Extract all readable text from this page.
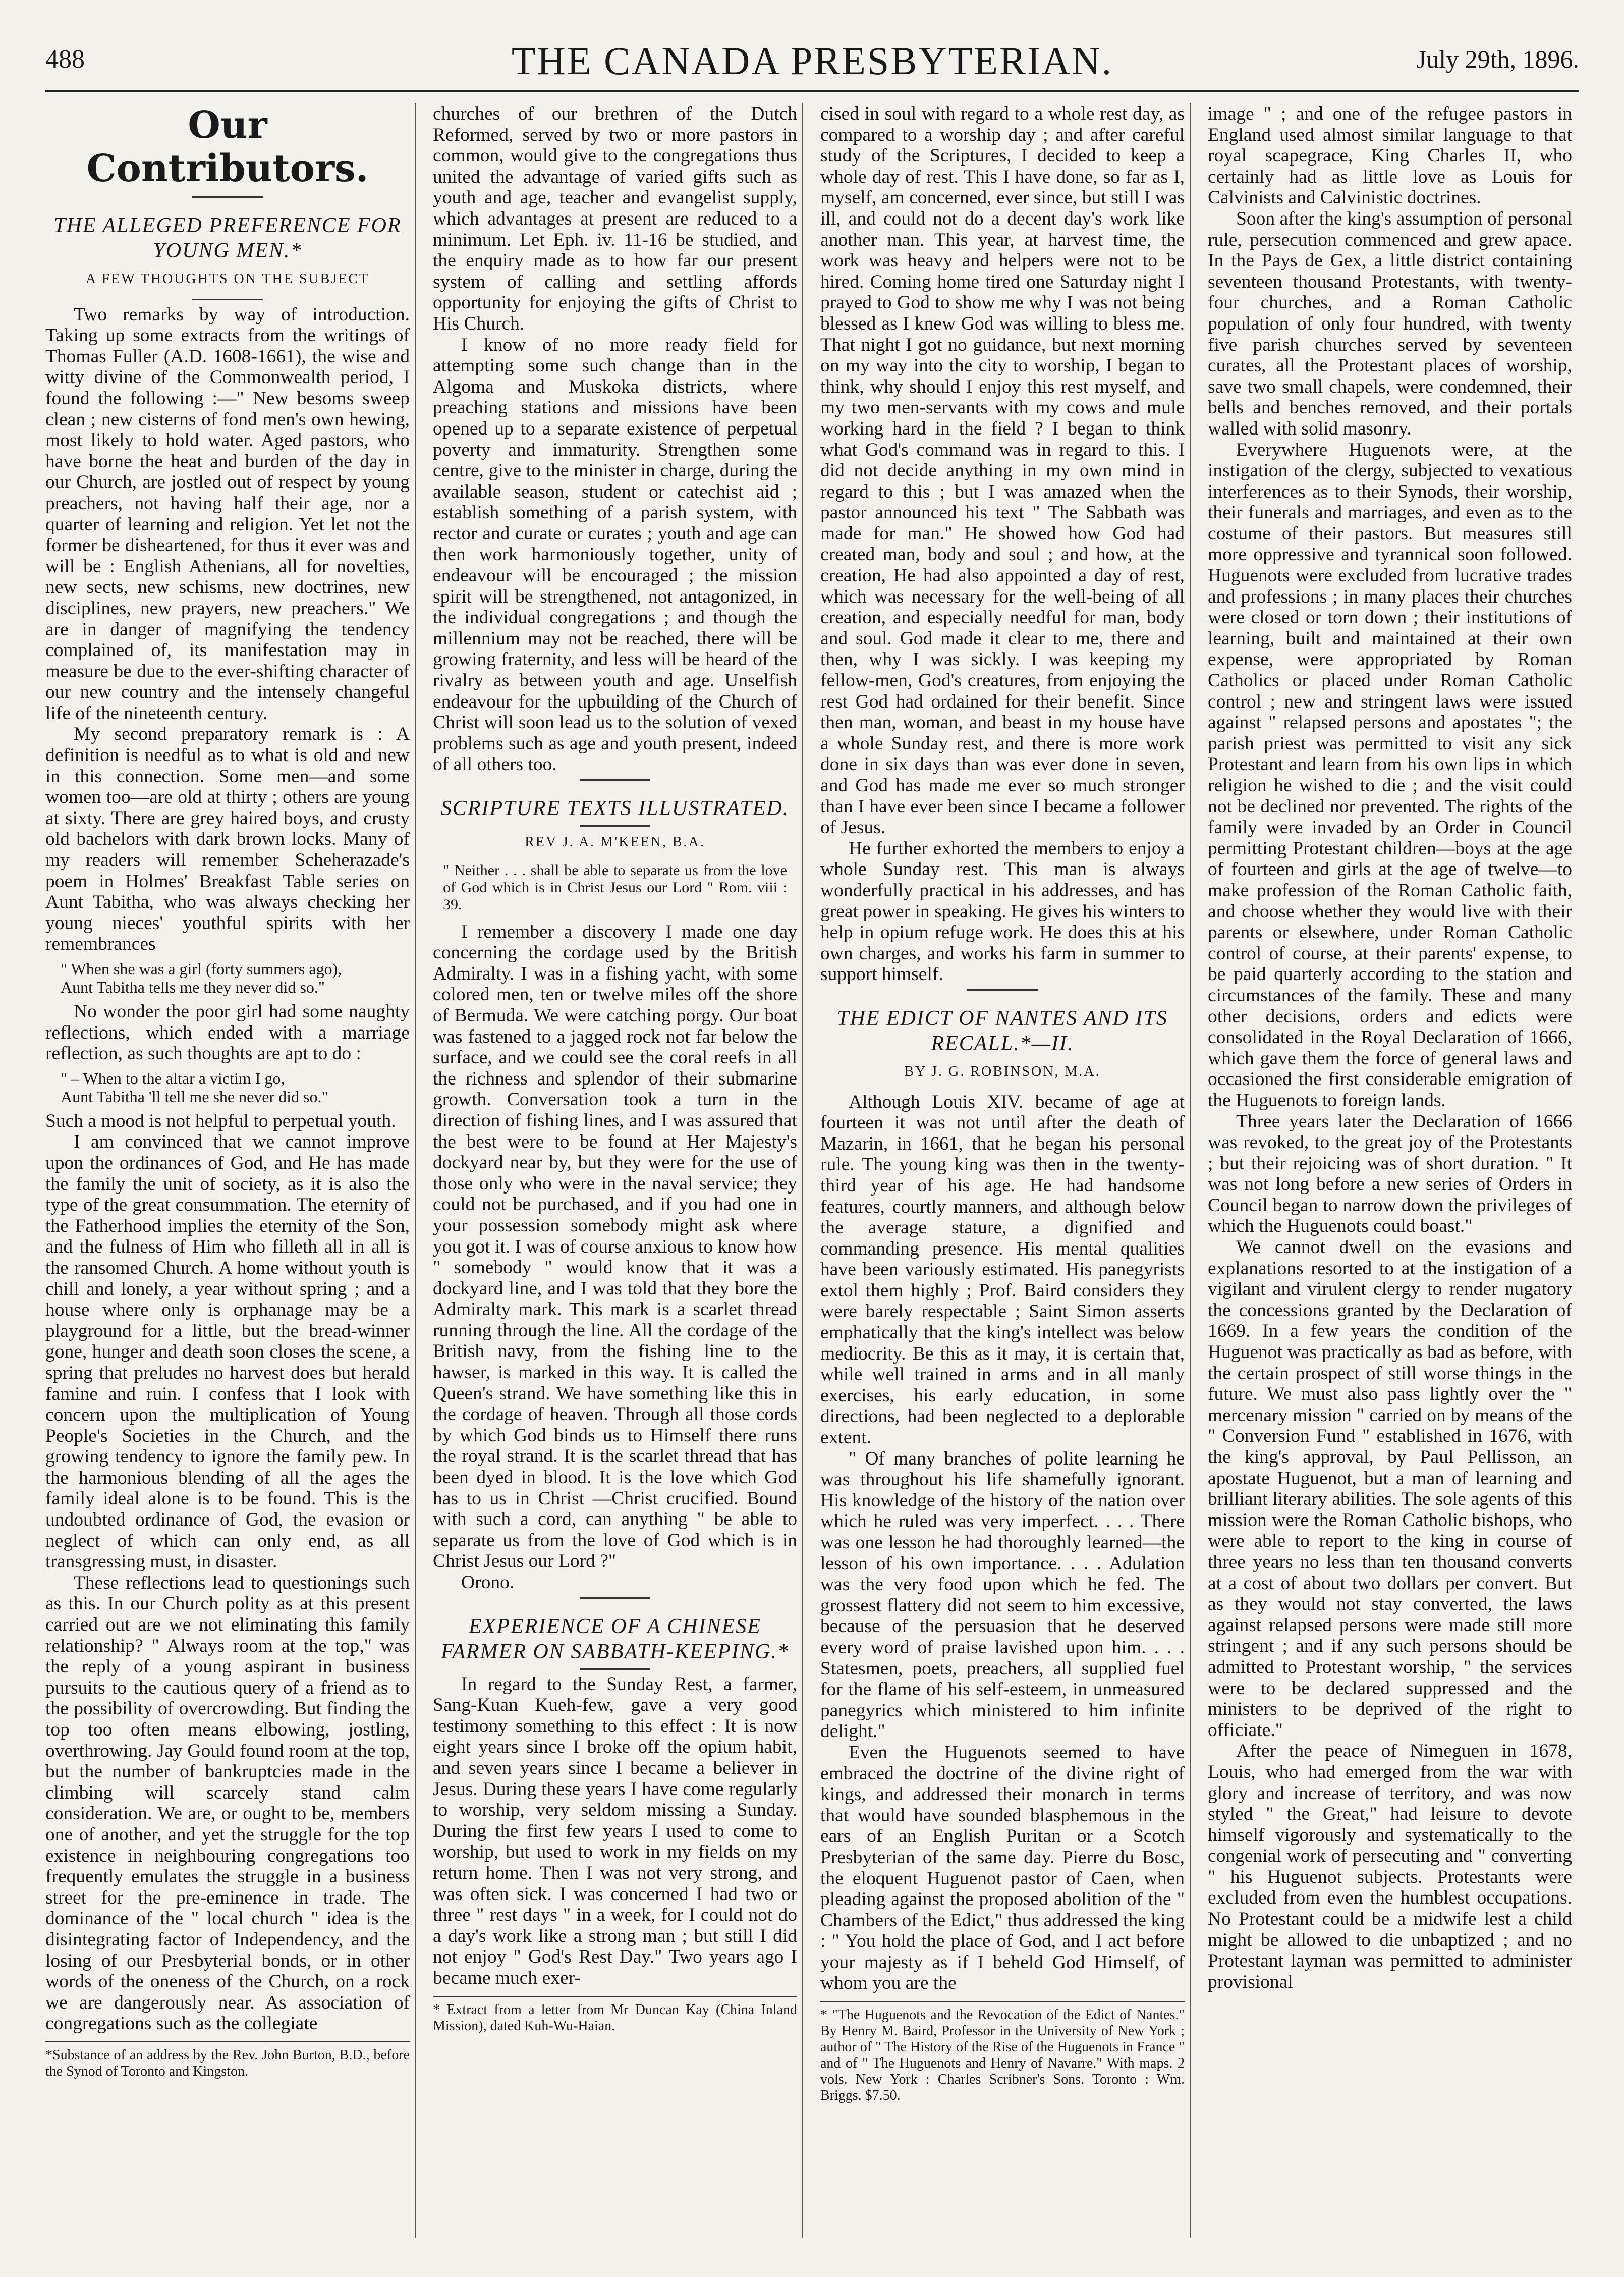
488	THE CANADA PRESBYTERIAN.	July 29th, 1896.
Our Contributors.
THE ALLEGED PREFERENCE FOR YOUNG MEN.*
A FEW THOUGHTS ON THE SUBJECT

Two remarks by way of introduction. Taking up some extracts from the writings of Thomas Fuller (A.D. 1608-1661), the wise and witty divine of the Commonwealth period, I found the following :—" New besoms sweep clean ; new cisterns of fond men's own hewing, most likely to hold water. Aged pastors, who have borne the heat and burden of the day in our Church, are jostled out of respect by young preachers, not having half their age, nor a quarter of learning and religion. Yet let not the former be disheartened, for thus it ever was and will be : English Athenians, all for novelties, new sects, new schisms, new doctrines, new disciplines, new prayers, new preachers." We are in danger of magnifying the tendency complained of, its manifestation may in measure be due to the ever-shifting character of our new country and the intensely changeful life of the nineteenth century.

My second preparatory remark is : A definition is needful as to what is old and new in this connection. Some men—and some women too—are old at thirty ; others are young at sixty. There are grey haired boys, and crusty old bachelors with dark brown locks. Many of my readers will remember Scheherazade's poem in Holmes' Breakfast Table series on Aunt Tabitha, who was always checking her young nieces' youthful spirits with her remembrances

" When she was a girl (forty summers ago),
Aunt Tabitha tells me they never did so."

No wonder the poor girl had some naughty reflections, which ended with a marriage reflection, as such thoughts are apt to do :

" – When to the altar a victim I go,
Aunt Tabitha 'll tell me she never did so."

Such a mood is not helpful to perpetual youth.

I am convinced that we cannot improve upon the ordinances of God, and He has made the family the unit of society, as it is also the type of the great consummation. The eternity of the Fatherhood implies the eternity of the Son, and the fulness of Him who filleth all in all is the ransomed Church. A home without youth is chill and lonely, a year without spring ; and a house where only is orphanage may be a playground for a little, but the bread-winner gone, hunger and death soon closes the scene, a spring that preludes no harvest does but herald famine and ruin. I confess that I look with concern upon the multiplication of Young People's Societies in the Church, and the growing tendency to ignore the family pew. In the harmonious blending of all the ages the family ideal alone is to be found. This is the undoubted ordinance of God, the evasion or neglect of which can only end, as all transgressing must, in disaster.

These reflections lead to questionings such as this. In our Church polity as at this present carried out are we not eliminating this family relationship? " Always room at the top," was the reply of a young aspirant in business pursuits to the cautious query of a friend as to the possibility of overcrowding. But finding the top too often means elbowing, jostling, overthrowing. Jay Gould found room at the top, but the number of bankruptcies made in the climbing will scarcely stand calm consideration. We are, or ought to be, members one of another, and yet the struggle for the top existence in neighbouring congregations too frequently emulates the struggle in a business street for the pre-eminence in trade. The dominance of the " local church " idea is the disintegrating factor of Independency, and the losing of our Presbyterial bonds, or in other words of the oneness of the Church, on a rock we are dangerously near. As association of congregations such as the collegiate

*Substance of an address by the Rev. John Burton, B.D., before the Synod of Toronto and Kingston.

churches of our brethren of the Dutch Reformed, served by two or more pastors in common, would give to the congregations thus united the advantage of varied gifts such as youth and age, teacher and evangelist supply, which advantages at present are reduced to a minimum. Let Eph. iv. 11-16 be studied, and the enquiry made as to how far our present system of calling and settling affords opportunity for enjoying the gifts of Christ to His Church.

I know of no more ready field for attempting some such change than in the Algoma and Muskoka districts, where preaching stations and missions have been opened up to a separate existence of perpetual poverty and immaturity. Strengthen some centre, give to the minister in charge, during the available season, student or catechist aid ; establish something of a parish system, with rector and curate or curates ; youth and age can then work harmoniously together, unity of endeavour will be encouraged ; the mission spirit will be strengthened, not antagonized, in the individual congregations ; and though the millennium may not be reached, there will be growing fraternity, and less will be heard of the rivalry as between youth and age. Unselfish endeavour for the upbuilding of the Church of Christ will soon lead us to the solution of vexed problems such as age and youth present, indeed of all others too.

SCRIPTURE TEXTS ILLUSTRATED.
REV J. A. M'KEEN, B.A.
" Neither . . . shall be able to separate us from the love of God which is in Christ Jesus our Lord " Rom. viii : 39.

I remember a discovery I made one day concerning the cordage used by the British Admiralty. I was in a fishing yacht, with some colored men, ten or twelve miles off the shore of Bermuda. We were catching porgy. Our boat was fastened to a jagged rock not far below the surface, and we could see the coral reefs in all the richness and splendor of their submarine growth. Conversation took a turn in the direction of fishing lines, and I was assured that the best were to be found at Her Majesty's dockyard near by, but they were for the use of those only who were in the naval service; they could not be purchased, and if you had one in your possession somebody might ask where you got it. I was of course anxious to know how " somebody " would know that it was a dockyard line, and I was told that they bore the Admiralty mark. This mark is a scarlet thread running through the line. All the cordage of the British navy, from the fishing line to the hawser, is marked in this way. It is called the Queen's strand. We have something like this in the cordage of heaven. Through all those cords by which God binds us to Himself there runs the royal strand. It is the scarlet thread that has been dyed in blood. It is the love which God has to us in Christ —Christ crucified. Bound with such a cord, can anything " be able to separate us from the love of God which is in Christ Jesus our Lord ?"

Orono.

EXPERIENCE OF A CHINESE FARMER ON SABBATH-KEEPING.*

In regard to the Sunday Rest, a farmer, Sang-Kuan Kueh-few, gave a very good testimony something to this effect : It is now eight years since I broke off the opium habit, and seven years since I became a believer in Jesus. During these years I have come regularly to worship, very seldom missing a Sunday. During the first few years I used to come to worship, but used to work in my fields on my return home. Then I was not very strong, and was often sick. I was concerned I had two or three " rest days " in a week, for I could not do a day's work like a strong man ; but still I did not enjoy " God's Rest Day." Two years ago I became much exer-

* Extract from a letter from Mr Duncan Kay (China Inland Mission), dated Kuh-Wu-Haian.

cised in soul with regard to a whole rest day, as compared to a worship day ; and after careful study of the Scriptures, I decided to keep a whole day of rest. This I have done, so far as I, myself, am concerned, ever since, but still I was ill, and could not do a decent day's work like another man. This year, at harvest time, the work was heavy and helpers were not to be hired. Coming home tired one Saturday night I prayed to God to show me why I was not being blessed as I knew God was willing to bless me. That night I got no guidance, but next morning on my way into the city to worship, I began to think, why should I enjoy this rest myself, and my two men-servants with my cows and mule working hard in the field ? I began to think what God's command was in regard to this. I did not decide anything in my own mind in regard to this ; but I was amazed when the pastor announced his text " The Sabbath was made for man." He showed how God had created man, body and soul ; and how, at the creation, He had also appointed a day of rest, which was necessary for the well-being of all creation, and especially needful for man, body and soul. God made it clear to me, there and then, why I was sickly. I was keeping my fellow-men, God's creatures, from enjoying the rest God had ordained for their benefit. Since then man, woman, and beast in my house have a whole Sunday rest, and there is more work done in six days than was ever done in seven, and God has made me ever so much stronger than I have ever been since I became a follower of Jesus.

He further exhorted the members to enjoy a whole Sunday rest. This man is always wonderfully practical in his addresses, and has great power in speaking. He gives his winters to help in opium refuge work. He does this at his own charges, and works his farm in summer to support himself.

THE EDICT OF NANTES AND ITS RECALL.*—II.
BY J. G. ROBINSON, M.A.

Although Louis XIV. became of age at fourteen it was not until after the death of Mazarin, in 1661, that he began his personal rule. The young king was then in the twenty-third year of his age. He had handsome features, courtly manners, and although below the average stature, a dignified and commanding presence. His mental qualities have been variously estimated. His panegyrists extol them highly ; Prof. Baird considers they were barely respectable ; Saint Simon asserts emphatically that the king's intellect was below mediocrity. Be this as it may, it is certain that, while well trained in arms and in all manly exercises, his early education, in some directions, had been neglected to a deplorable extent.

" Of many branches of polite learning he was throughout his life shamefully ignorant. His knowledge of the history of the nation over which he ruled was very imperfect. . . . There was one lesson he had thoroughly learned—the lesson of his own importance. . . . Adulation was the very food upon which he fed. The grossest flattery did not seem to him excessive, because of the persuasion that he deserved every word of praise lavished upon him. . . . Statesmen, poets, preachers, all supplied fuel for the flame of his self-esteem, in unmeasured panegyrics which ministered to him infinite delight."

Even the Huguenots seemed to have embraced the doctrine of the divine right of kings, and addressed their monarch in terms that would have sounded blasphemous in the ears of an English Puritan or a Scotch Presbyterian of the same day. Pierre du Bosc, the eloquent Huguenot pastor of Caen, when pleading against the proposed abolition of the " Chambers of the Edict," thus addressed the king : " You hold the place of God, and I act before your majesty as if I beheld God Himself, of whom you are the

* "The Huguenots and the Revocation of the Edict of Nantes." By Henry M. Baird, Professor in the University of New York ; author of " The History of the Rise of the Huguenots in France " and of " The Huguenots and Henry of Navarre." With maps. 2 vols. New York : Charles Scribner's Sons. Toronto : Wm. Briggs. $7.50.

image " ; and one of the refugee pastors in England used almost similar language to that royal scapegrace, King Charles II, who certainly had as little love as Louis for Calvinists and Calvinistic doctrines.

Soon after the king's assumption of personal rule, persecution commenced and grew apace. In the Pays de Gex, a little district containing seventeen thousand Protestants, with twenty-four churches, and a Roman Catholic population of only four hundred, with twenty five parish churches served by seventeen curates, all the Protestant places of worship, save two small chapels, were condemned, their bells and benches removed, and their portals walled with solid masonry.

Everywhere Huguenots were, at the instigation of the clergy, subjected to vexatious interferences as to their Synods, their worship, their funerals and marriages, and even as to the costume of their pastors. But measures still more oppressive and tyrannical soon followed. Huguenots were excluded from lucrative trades and professions ; in many places their churches were closed or torn down ; their institutions of learning, built and maintained at their own expense, were appropriated by Roman Catholics or placed under Roman Catholic control ; new and stringent laws were issued against " relapsed persons and apostates "; the parish priest was permitted to visit any sick Protestant and learn from his own lips in which religion he wished to die ; and the visit could not be declined nor prevented. The rights of the family were invaded by an Order in Council permitting Protestant children—boys at the age of fourteen and girls at the age of twelve—to make profession of the Roman Catholic faith, and choose whether they would live with their parents or elsewhere, under Roman Catholic control of course, at their parents' expense, to be paid quarterly according to the station and circumstances of the family. These and many other decisions, orders and edicts were consolidated in the Royal Declaration of 1666, which gave them the force of general laws and occasioned the first considerable emigration of the Huguenots to foreign lands.

Three years later the Declaration of 1666 was revoked, to the great joy of the Protestants ; but their rejoicing was of short duration. " It was not long before a new series of Orders in Council began to narrow down the privileges of which the Huguenots could boast."

We cannot dwell on the evasions and explanations resorted to at the instigation of a vigilant and virulent clergy to render nugatory the concessions granted by the Declaration of 1669. In a few years the condition of the Huguenot was practically as bad as before, with the certain prospect of still worse things in the future. We must also pass lightly over the " mercenary mission " carried on by means of the " Conversion Fund " established in 1676, with the king's approval, by Paul Pellisson, an apostate Huguenot, but a man of learning and brilliant literary abilities. The sole agents of this mission were the Roman Catholic bishops, who were able to report to the king in course of three years no less than ten thousand converts at a cost of about two dollars per convert. But as they would not stay converted, the laws against relapsed persons were made still more stringent ; and if any such persons should be admitted to Protestant worship, " the services were to be declared suppressed and the ministers to be deprived of the right to officiate."

After the peace of Nimeguen in 1678, Louis, who had emerged from the war with glory and increase of territory, and was now styled " the Great," had leisure to devote himself vigorously and systematically to the congenial work of persecuting and " converting " his Huguenot subjects. Protestants were excluded from even the humblest occupations. No Protestant could be a midwife lest a child might be allowed to die unbaptized ; and no Protestant layman was permitted to administer provisional
